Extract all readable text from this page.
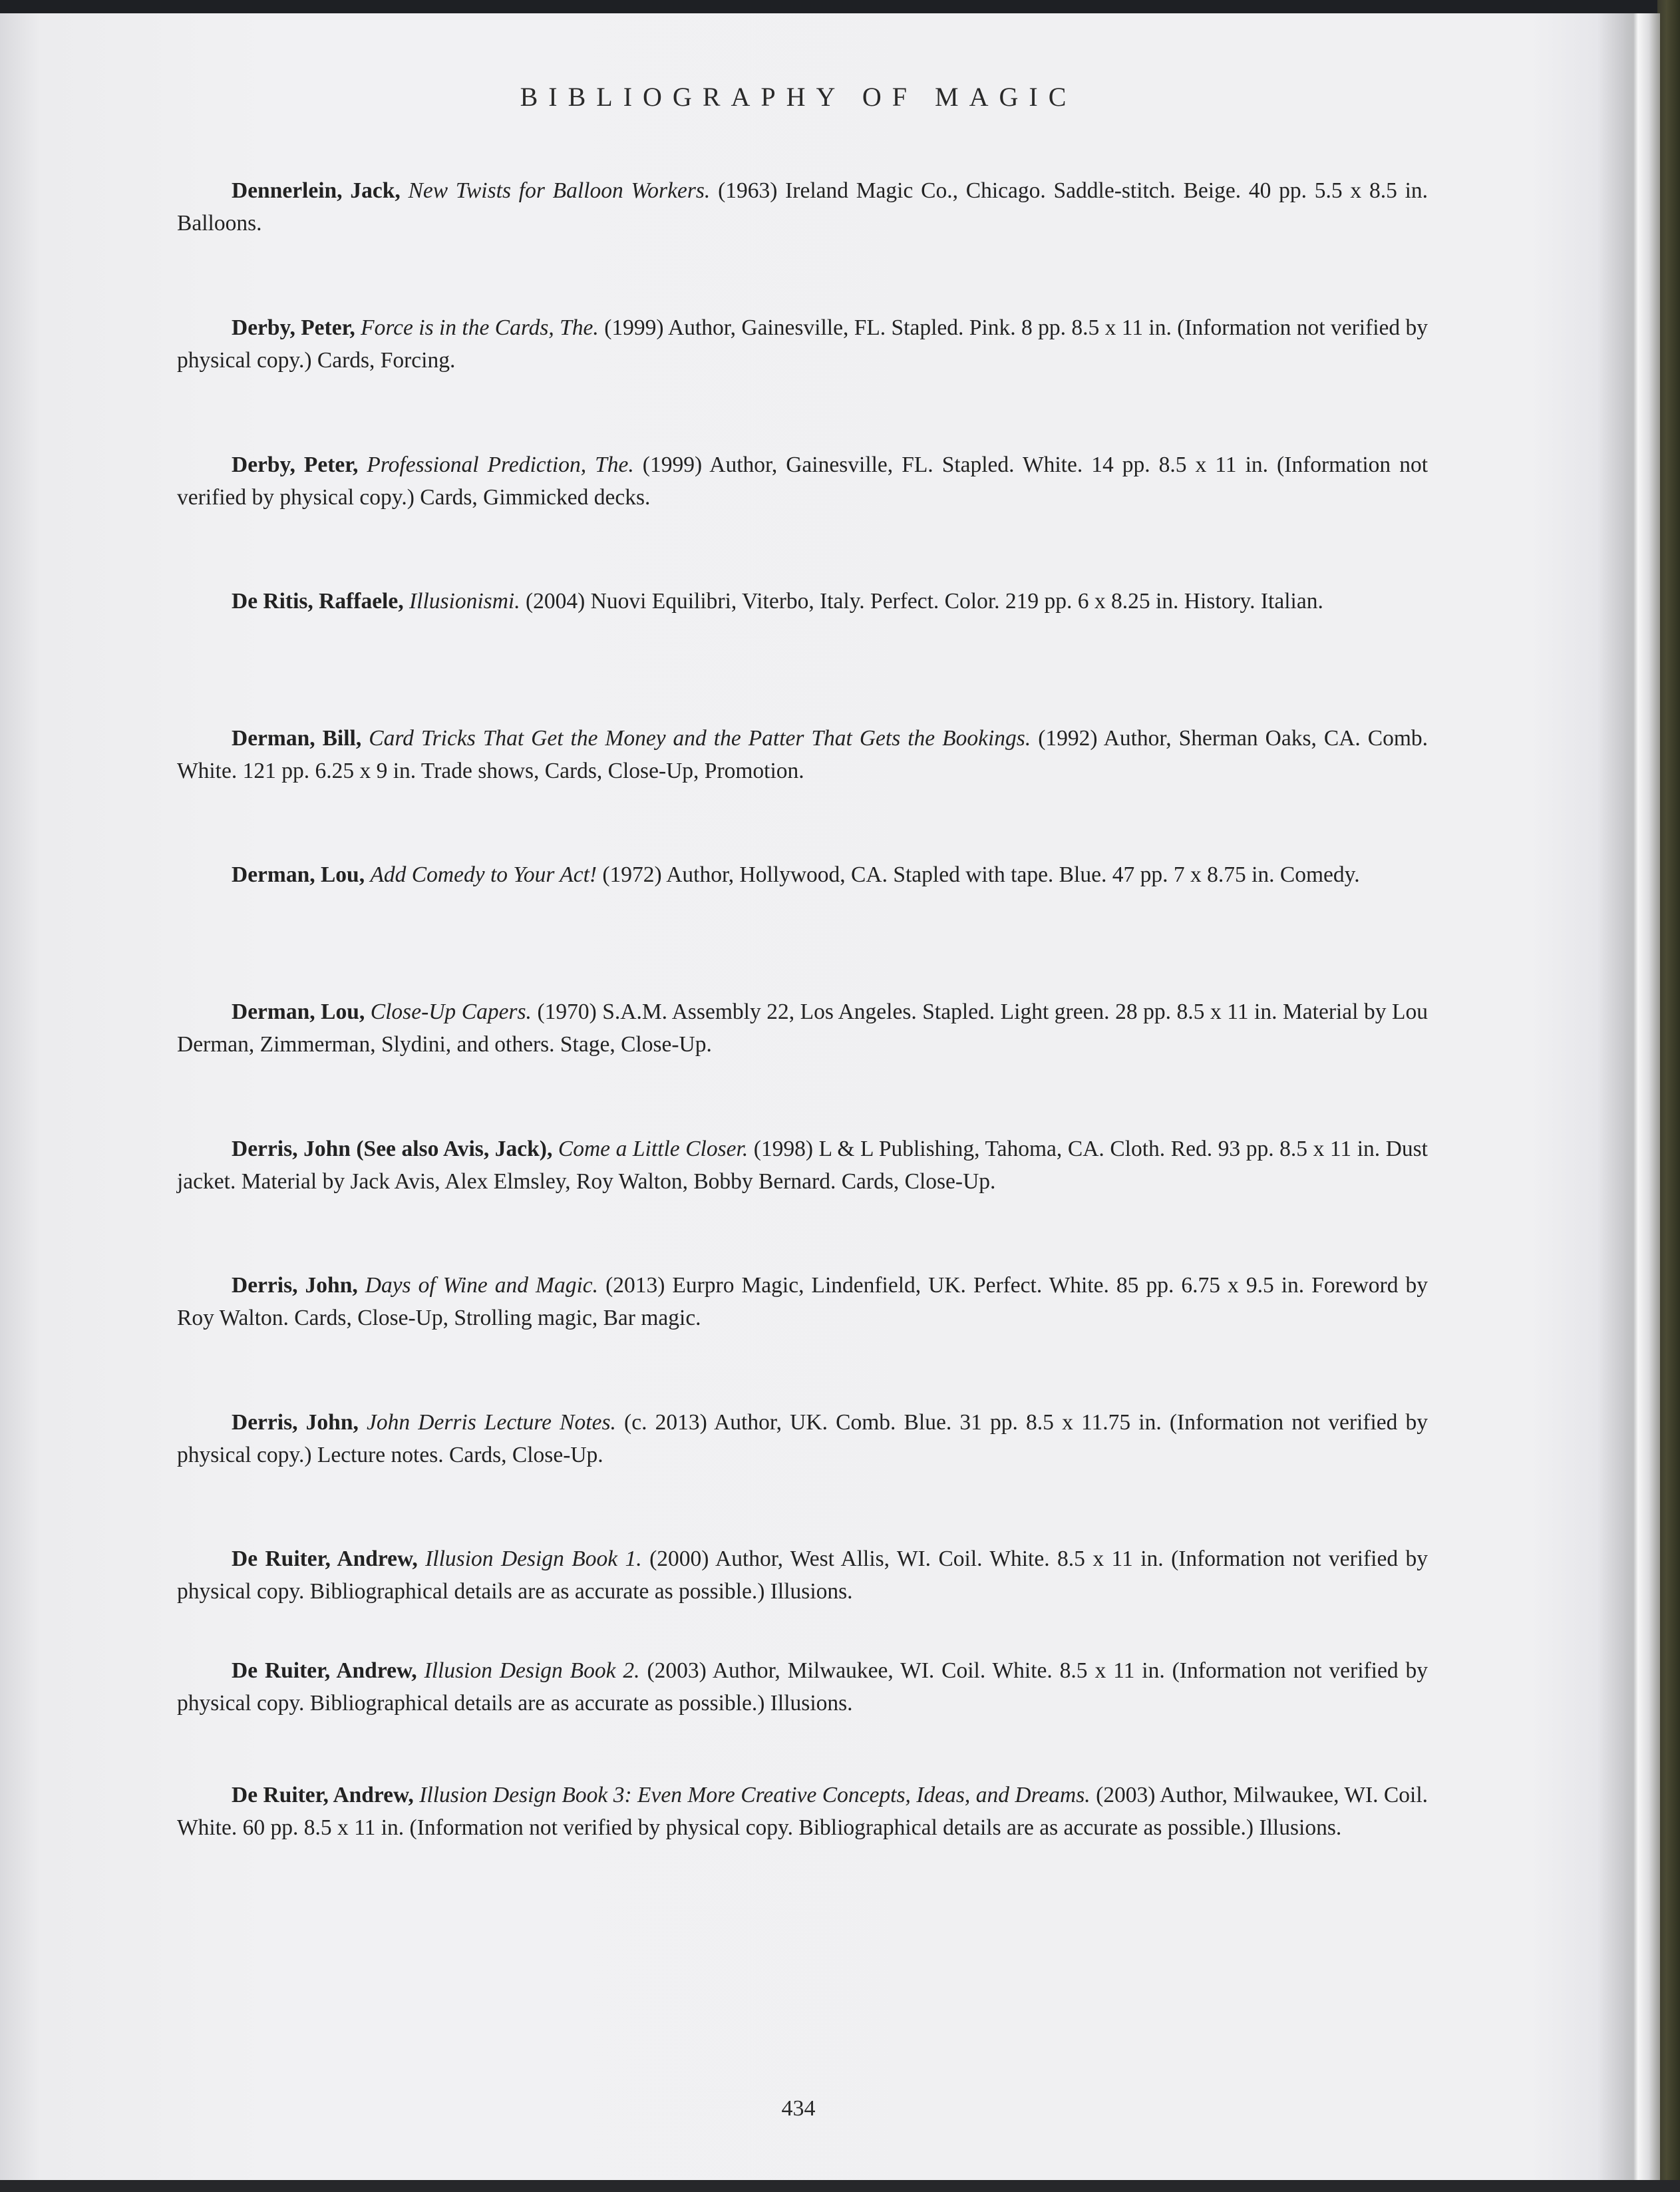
BIBLIOGRAPHY OF MAGIC

Dennerlein, Jack, New Twists for Balloon Workers. (1963) Ireland Magic Co., Chicago. Saddle-stitch. Beige. 40 pp. 5.5 x 8.5 in. Balloons.

Derby, Peter, Force is in the Cards, The. (1999) Author, Gainesville, FL. Stapled. Pink. 8 pp. 8.5 x 11 in. (Information not verified by physical copy.) Cards, Forcing.

Derby, Peter, Professional Prediction, The. (1999) Author, Gainesville, FL. Stapled. White. 14 pp. 8.5 x 11 in. (Information not verified by physical copy.) Cards, Gimmicked decks.

De Ritis, Raffaele, Illusionismi. (2004) Nuovi Equilibri, Viterbo, Italy. Perfect. Color. 219 pp. 6 x 8.25 in. History. Italian.

Derman, Bill, Card Tricks That Get the Money and the Patter That Gets the Bookings. (1992) Author, Sherman Oaks, CA. Comb. White. 121 pp. 6.25 x 9 in. Trade shows, Cards, Close-Up, Promotion.

Derman, Lou, Add Comedy to Your Act! (1972) Author, Hollywood, CA. Stapled with tape. Blue. 47 pp. 7 x 8.75 in. Comedy.

Derman, Lou, Close-Up Capers. (1970) S.A.M. Assembly 22, Los Angeles. Stapled. Light green. 28 pp. 8.5 x 11 in. Material by Lou Derman, Zimmerman, Slydini, and others. Stage, Close-Up.

Derris, John (See also Avis, Jack), Come a Little Closer. (1998) L & L Publishing, Tahoma, CA. Cloth. Red. 93 pp. 8.5 x 11 in. Dust jacket. Material by Jack Avis, Alex Elmsley, Roy Walton, Bobby Bernard. Cards, Close-Up.

Derris, John, Days of Wine and Magic. (2013) Eurpro Magic, Lindenfield, UK. Perfect. White. 85 pp. 6.75 x 9.5 in. Foreword by Roy Walton. Cards, Close-Up, Strolling magic, Bar magic.

Derris, John, John Derris Lecture Notes. (c. 2013) Author, UK. Comb. Blue. 31 pp. 8.5 x 11.75 in. (Information not verified by physical copy.) Lecture notes. Cards, Close-Up.

De Ruiter, Andrew, Illusion Design Book 1. (2000) Author, West Allis, WI. Coil. White. 8.5 x 11 in. (Information not verified by physical copy. Bibliographical details are as accurate as possible.) Illusions.

De Ruiter, Andrew, Illusion Design Book 2. (2003) Author, Milwaukee, WI. Coil. White. 8.5 x 11 in. (Information not verified by physical copy. Bibliographical details are as accurate as possible.) Illusions.

De Ruiter, Andrew, Illusion Design Book 3: Even More Creative Concepts, Ideas, and Dreams. (2003) Author, Milwaukee, WI. Coil. White. 60 pp. 8.5 x 11 in. (Information not verified by physical copy. Bibliographical details are as accurate as possible.) Illusions.

434
